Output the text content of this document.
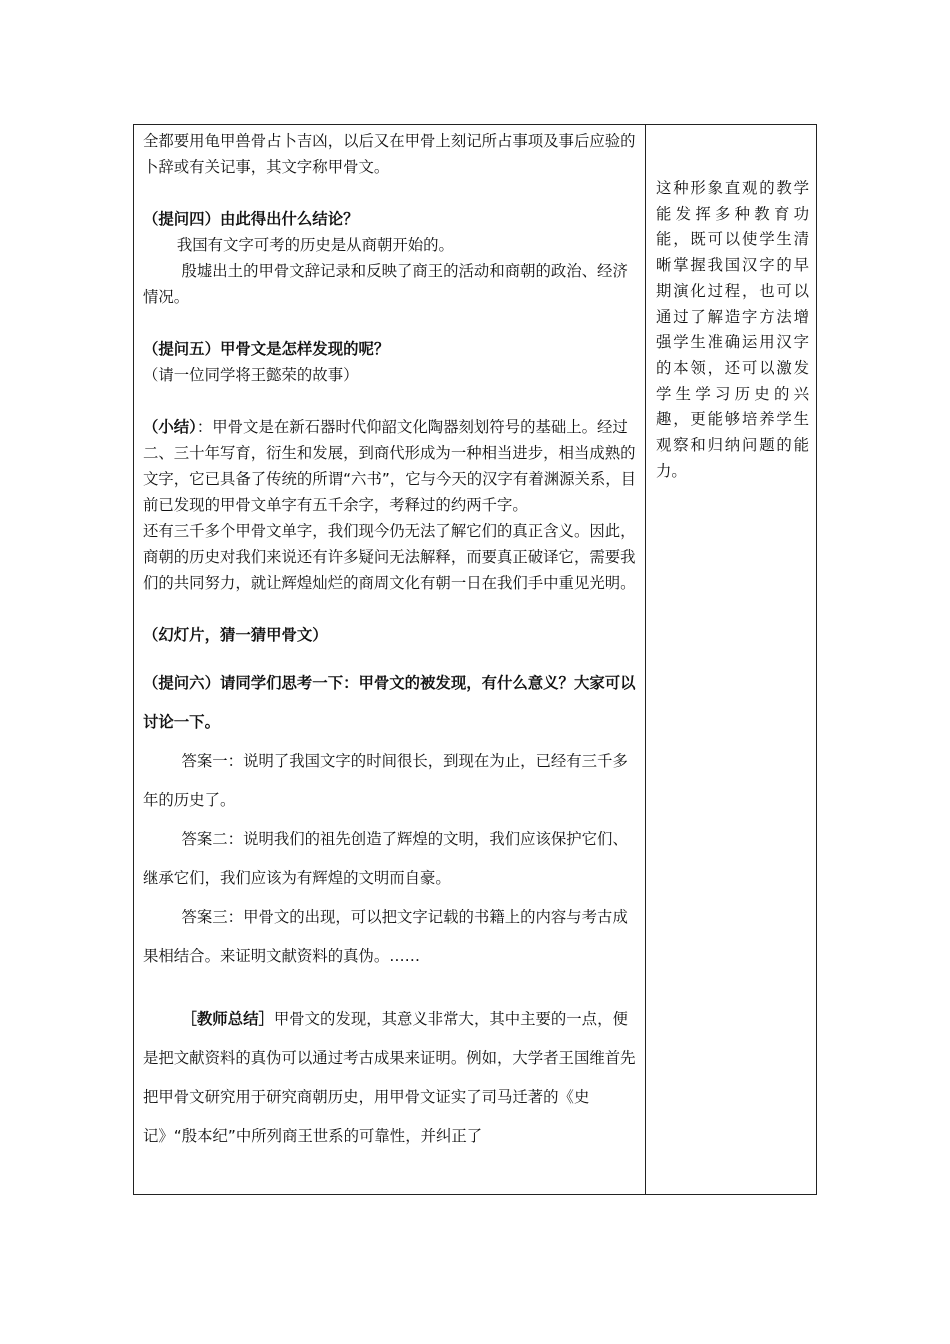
全都要用龟甲兽骨占卜吉凶，以后又在甲骨上刻记所占事项及事后应验的卜辞或有关记事，其文字称甲骨文。

（提问四）由此得出什么结论？

我国有文字可考的历史是从商朝开始的。

殷墟出土的甲骨文辞记录和反映了商王的活动和商朝的政治、经济情况。

（提问五）甲骨文是怎样发现的呢？

（请一位同学将王懿荣的故事）

（小结）：甲骨文是在新石器时代仰韶文化陶器刻划符号的基础上。经过二、三十年写育，衍生和发展，到商代形成为一种相当进步，相当成熟的文字，它已具备了传统的所谓“六书”，它与今天的汉字有着渊源关系，目前已发现的甲骨文单字有五千余字，考释过的约两千字。

还有三千多个甲骨文单字，我们现今仍无法了解它们的真正含义。因此，商朝的历史对我们来说还有许多疑问无法解释，而要真正破译它，需要我们的共同努力，就让辉煌灿烂的商周文化有朝一日在我们手中重见光明。

（幻灯片，猜一猜甲骨文）

（提问六）请同学们思考一下：甲骨文的被发现，有什么意义？大家可以讨论一下。

答案一：说明了我国文字的时间很长，到现在为止，已经有三千多年的历史了。

答案二：说明我们的祖先创造了辉煌的文明，我们应该保护它们、继承它们，我们应该为有辉煌的文明而自豪。

答案三：甲骨文的出现，可以把文字记载的书籍上的内容与考古成果相结合。来证明文献资料的真伪。……

［教师总结］甲骨文的发现，其意义非常大，其中主要的一点，便是把文献资料的真伪可以通过考古成果来证明。例如，大学者王国维首先把甲骨文研究用于研究商朝历史，用甲骨文证实了司马迁著的《史记》“殷本纪”中所列商王世系的可靠性，并纠正了

这种形象直观的教学能发挥多种教育功能，既可以使学生清晰掌握我国汉字的早期演化过程，也可以通过了解造字方法增强学生准确运用汉字的本领，还可以激发学生学习历史的兴趣，更能够培养学生观察和归纳问题的能力。
